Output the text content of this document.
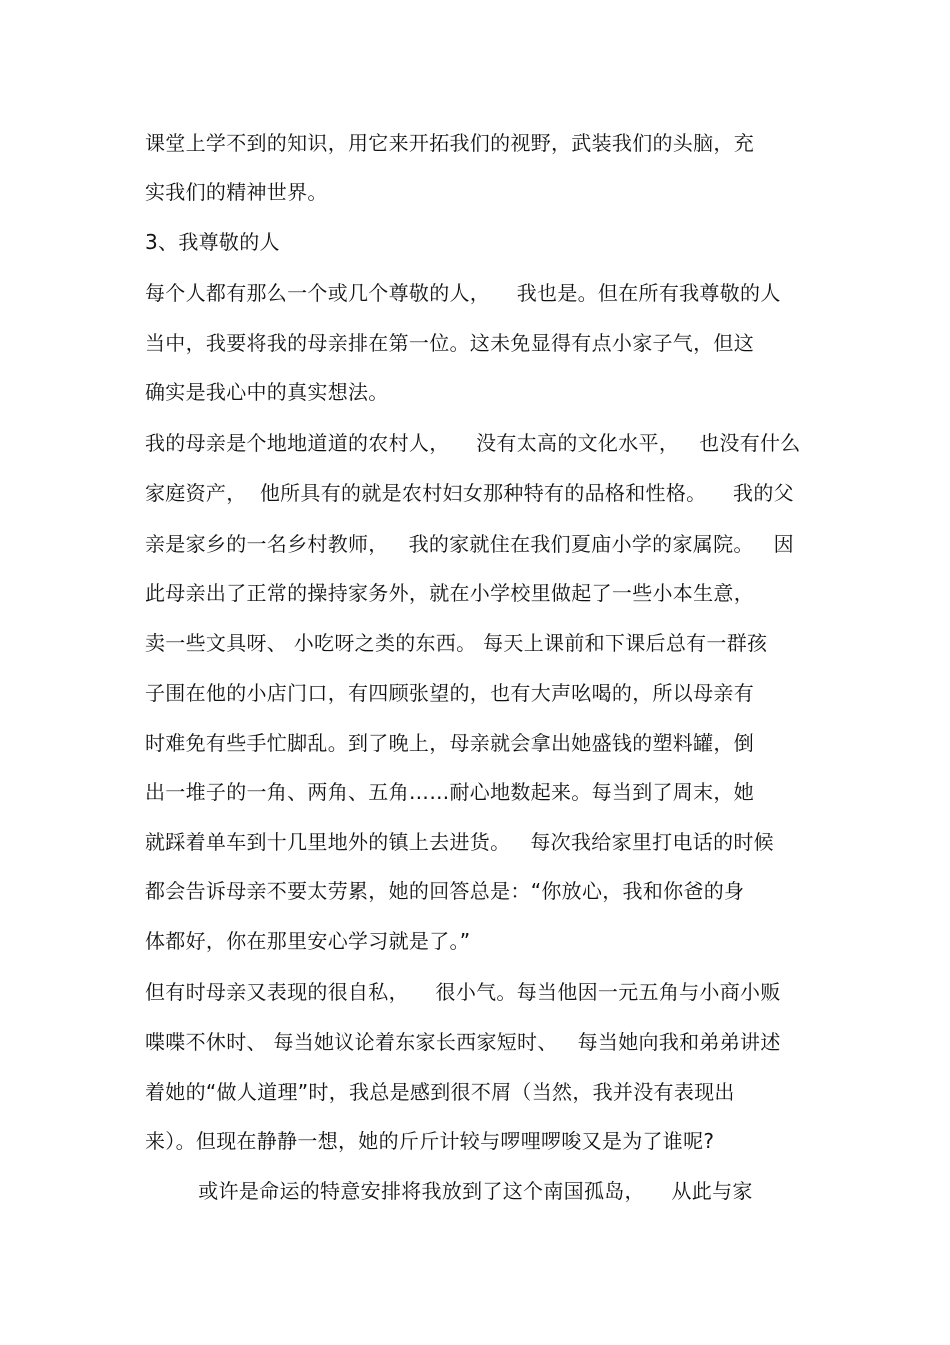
课堂上学不到的知识，用它来开拓我们的视野，武装我们的头脑，充
实我们的精神世界。
3、我尊敬的人
每个人都有那么一个或几个尊敬的人，    我也是。但在所有我尊敬的人
当中，我要将我的母亲排在第一位。这未免显得有点小家子气，但这
确实是我心中的真实想法。
我的母亲是个地地道道的农村人，    没有太高的文化水平，   也没有什么
家庭资产，  他所具有的就是农村妇女那种特有的品格和性格。    我的父
亲是家乡的一名乡村教师，   我的家就住在我们夏庙小学的家属院。   因
此母亲出了正常的操持家务外，就在小学校里做起了一些小本生意，
卖一些文具呀、 小吃呀之类的东西。 每天上课前和下课后总有一群孩
子围在他的小店门口，有四顾张望的，也有大声吆喝的，所以母亲有
时难免有些手忙脚乱。到了晚上，母亲就会拿出她盛钱的塑料罐，倒
出一堆子的一角、两角、五角……耐心地数起来。每当到了周末，她
就踩着单车到十几里地外的镇上去进货。   每次我给家里打电话的时候
都会告诉母亲不要太劳累，她的回答总是：“你放心，我和你爸的身
体都好，你在那里安心学习就是了。”
但有时母亲又表现的很自私，    很小气。每当他因一元五角与小商小贩
喋喋不休时、 每当她议论着东家长西家短时、   每当她向我和弟弟讲述
着她的“做人道理”时，我总是感到很不屑（当然，我并没有表现出
来）。但现在静静一想，她的斤斤计较与啰哩啰唆又是为了谁呢?
或许是命运的特意安排将我放到了这个南国孤岛，    从此与家
